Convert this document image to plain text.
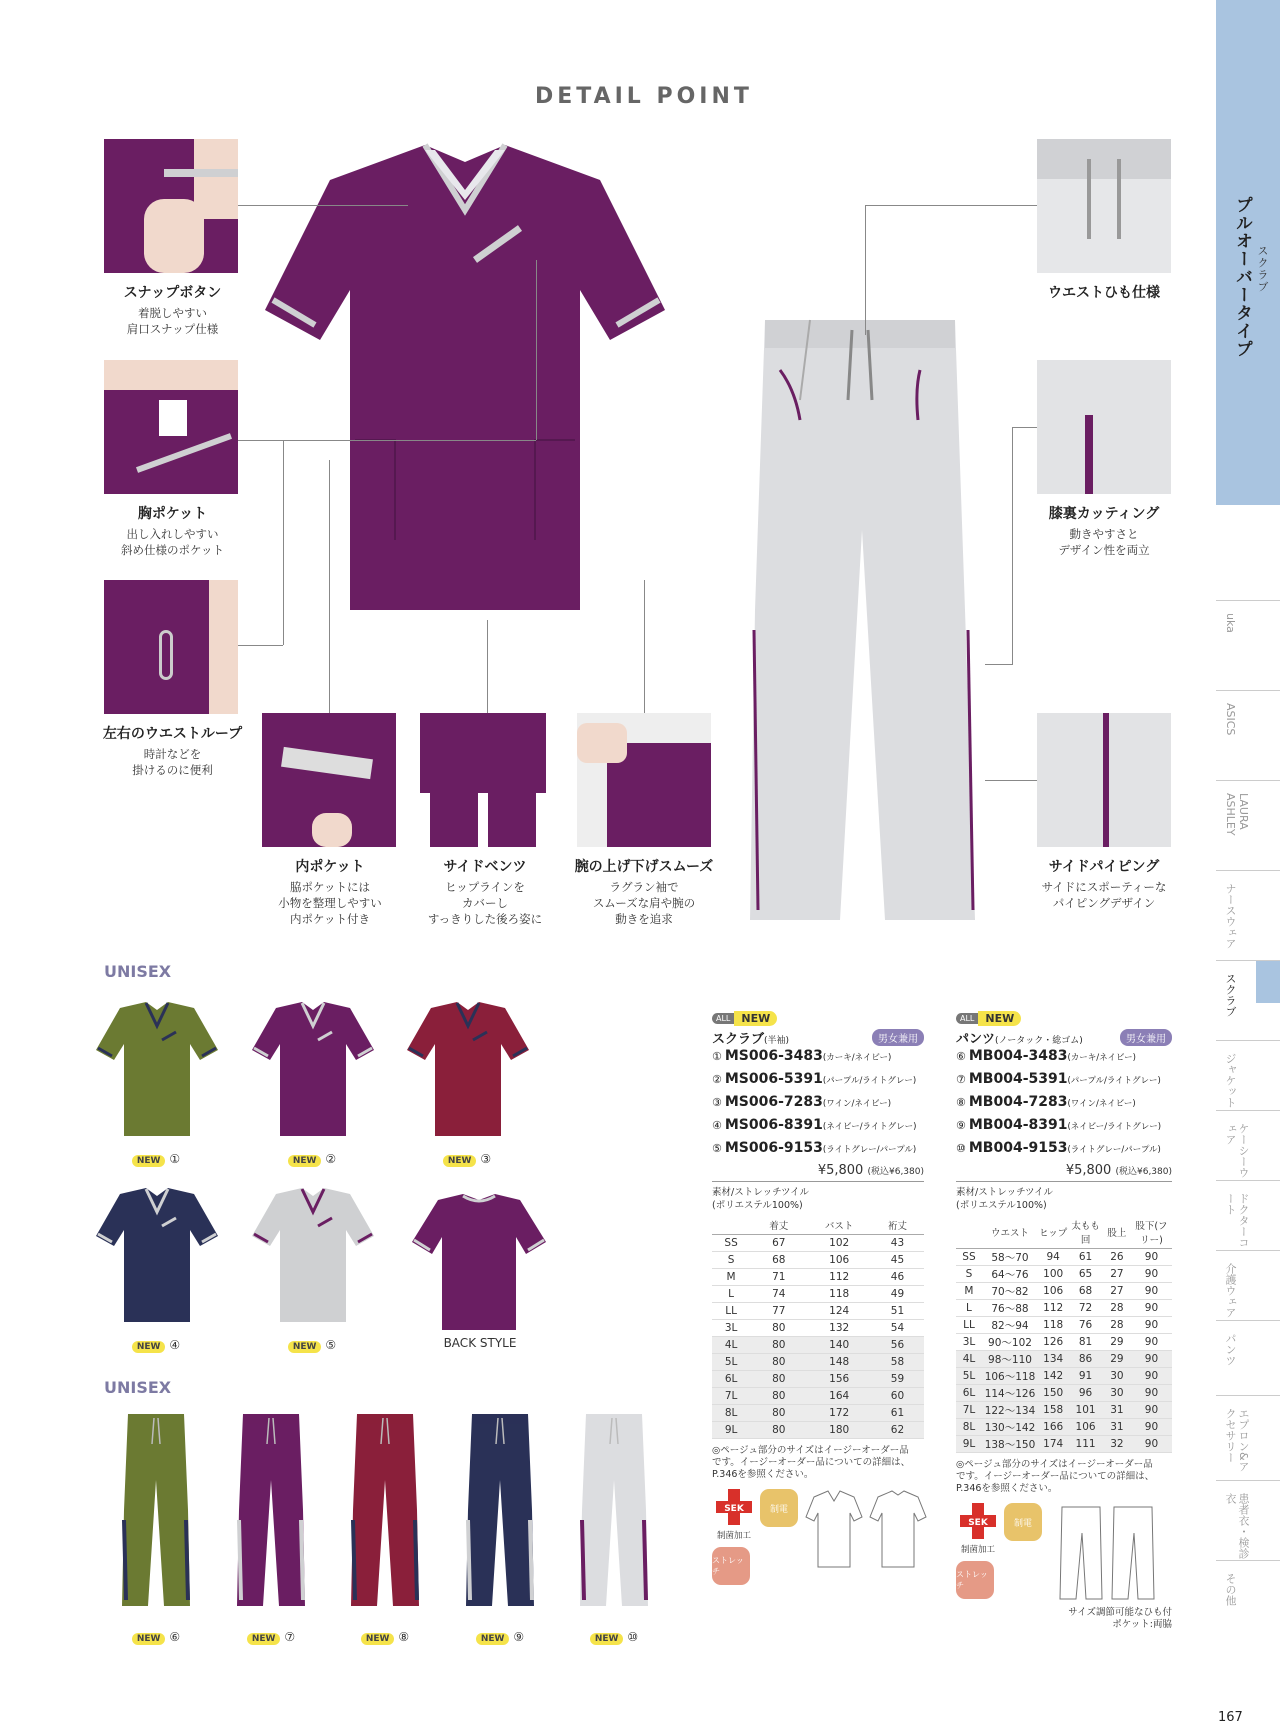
スクラブ
プルオーバータイプ
uka
ASICS
LAURA ASHLEY
ナースウェア
スクラブ
ジャケット
ケーシーウェア
ドクターコート
介護ウェア
パンツ
エプロン&アクセサリー
患者衣・検診衣
その他
DETAIL POINT
スナップボタン
着脱しやすい
肩口スナップ仕様
胸ポケット
出し入れしやすい
斜め仕様のポケット
左右のウエストループ
時計などを
掛けるのに便利
内ポケット
脇ポケットには
小物を整理しやすい
内ポケット付き
サイドベンツ
ヒップラインを
カバーし
すっきりした後ろ姿に
腕の上げ下げスムーズ
ラグラン袖で
スムーズな肩や腕の
動きを追求
ウエストひも仕様
膝裏カッティング
動きやすさと
デザイン性を両立
サイドパイピング
サイドにスポーティーな
パイピングデザイン
UNISEX
UNISEX
NEW ①	NEW ②	NEW ③
NEW ④	NEW ⑤
NEW ⑥	NEW ⑦	NEW ⑧	NEW ⑨	NEW ⑩
BACK STYLE
ALL NEW
スクラブ(半袖)	男女兼用
① MS006-3483(カーキ/ネイビー)
② MS006-5391(パープル/ライトグレー)
③ MS006-7283(ワイン/ネイビー)
④ MS006-8391(ネイビー/ライトグレー)
⑤ MS006-9153(ライトグレー/パープル)
¥5,800 (税込¥6,380)
素材/ストレッチツイル
(ポリエステル100%)
	着丈	バスト	裄丈
SS	67	102	43
S	68	106	45
M	71	112	46
L	74	118	49
LL	77	124	51
3L	80	132	54
4L	80	140	56
5L	80	148	58
6L	80	156	59
7L	80	164	60
8L	80	172	61
9L	80	180	62
◎ページュ部分のサイズはイージーオーダー品
です。イージーオーダー品についての詳細は、
P.346を参照ください。
SEK
制菌加工
制電
ストレッチ
ALL NEW
パンツ(ノータック・総ゴム)	男女兼用
⑥ MB004-3483(カーキ/ネイビー)
⑦ MB004-5391(パープル/ライトグレー)
⑧ MB004-7283(ワイン/ネイビー)
⑨ MB004-8391(ネイビー/ライトグレー)
⑩ MB004-9153(ライトグレー/パープル)
¥5,800 (税込¥6,380)
素材/ストレッチツイル
(ポリエステル100%)
	ウエスト	ヒップ	太もも回	股上	股下(フリー)
SS	58〜70	94	61	26	90
S	64〜76	100	65	27	90
M	70〜82	106	68	27	90
L	76〜88	112	72	28	90
LL	82〜94	118	76	28	90
3L	90〜102	126	81	29	90
4L	98〜110	134	86	29	90
5L	106〜118	142	91	30	90
6L	114〜126	150	96	30	90
7L	122〜134	158	101	31	90
8L	130〜142	166	106	31	90
9L	138〜150	174	111	32	90
◎ページュ部分のサイズはイージーオーダー品
です。イージーオーダー品についての詳細は、
P.346を参照ください。
SEK
制菌加工
制電
ストレッチ
サイズ調節可能なひも付
ポケット:両脇
167
